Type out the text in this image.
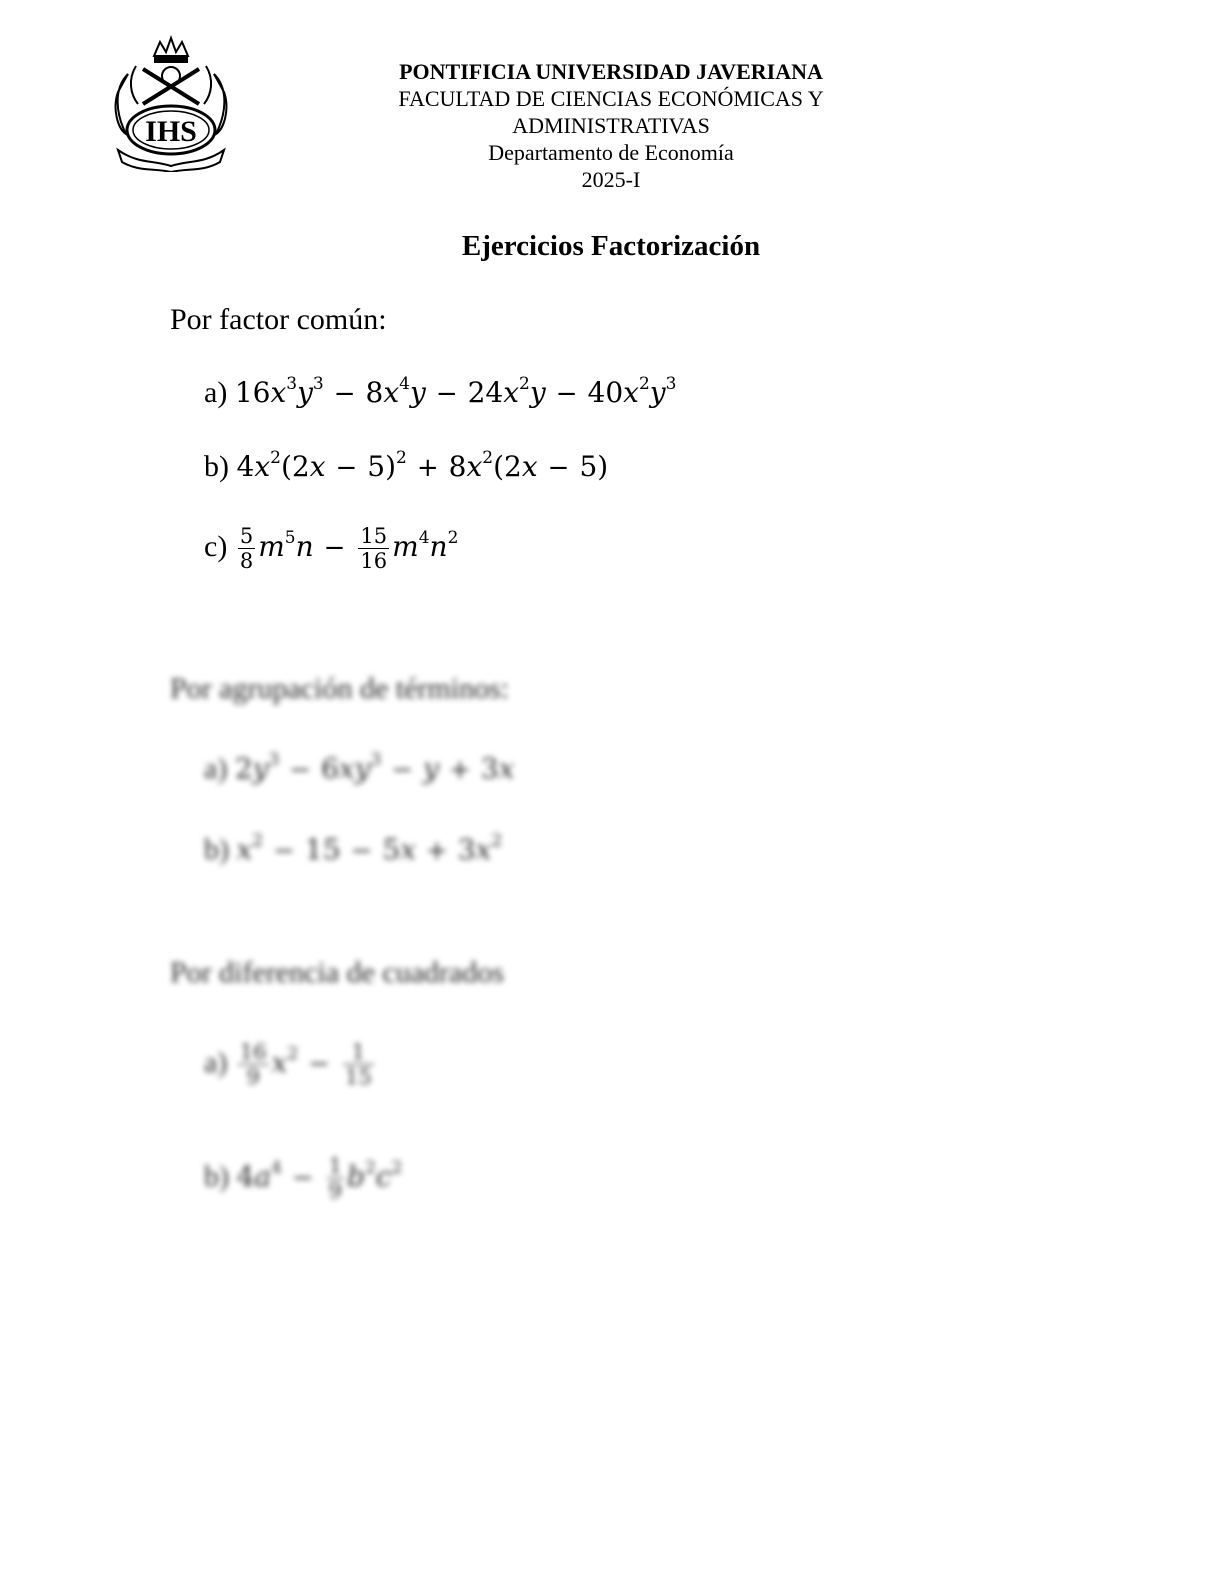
IHS
PONTIFICIA UNIVERSIDAD JAVERIANA
FACULTAD DE CIENCIAS ECONÓMICAS Y
ADMINISTRATIVAS
Departamento de Economía
2025-I
Ejercicios Factorización
Por factor común:
a) $16x^3y^3 - 8x^4y - 24x^2y - 40x^2y^3$
b) $4x^2(2x - 5)^2 + 8x^2(2x - 5)$
$c) \frac{5}{8} m^5n - \frac{15}{16} m^4n^2$
Por agrupación de términos:
a) $2y^3 - 6xy^3 - y + 3x$
b) $x^2 - 15 - 5x + 3x^2$
Por diferencia de cuadrados
$a) \frac{16}{9} x^2 - \frac{1}{15}$
b) $4a^4 - \frac{1}{9} b^2c^2$
